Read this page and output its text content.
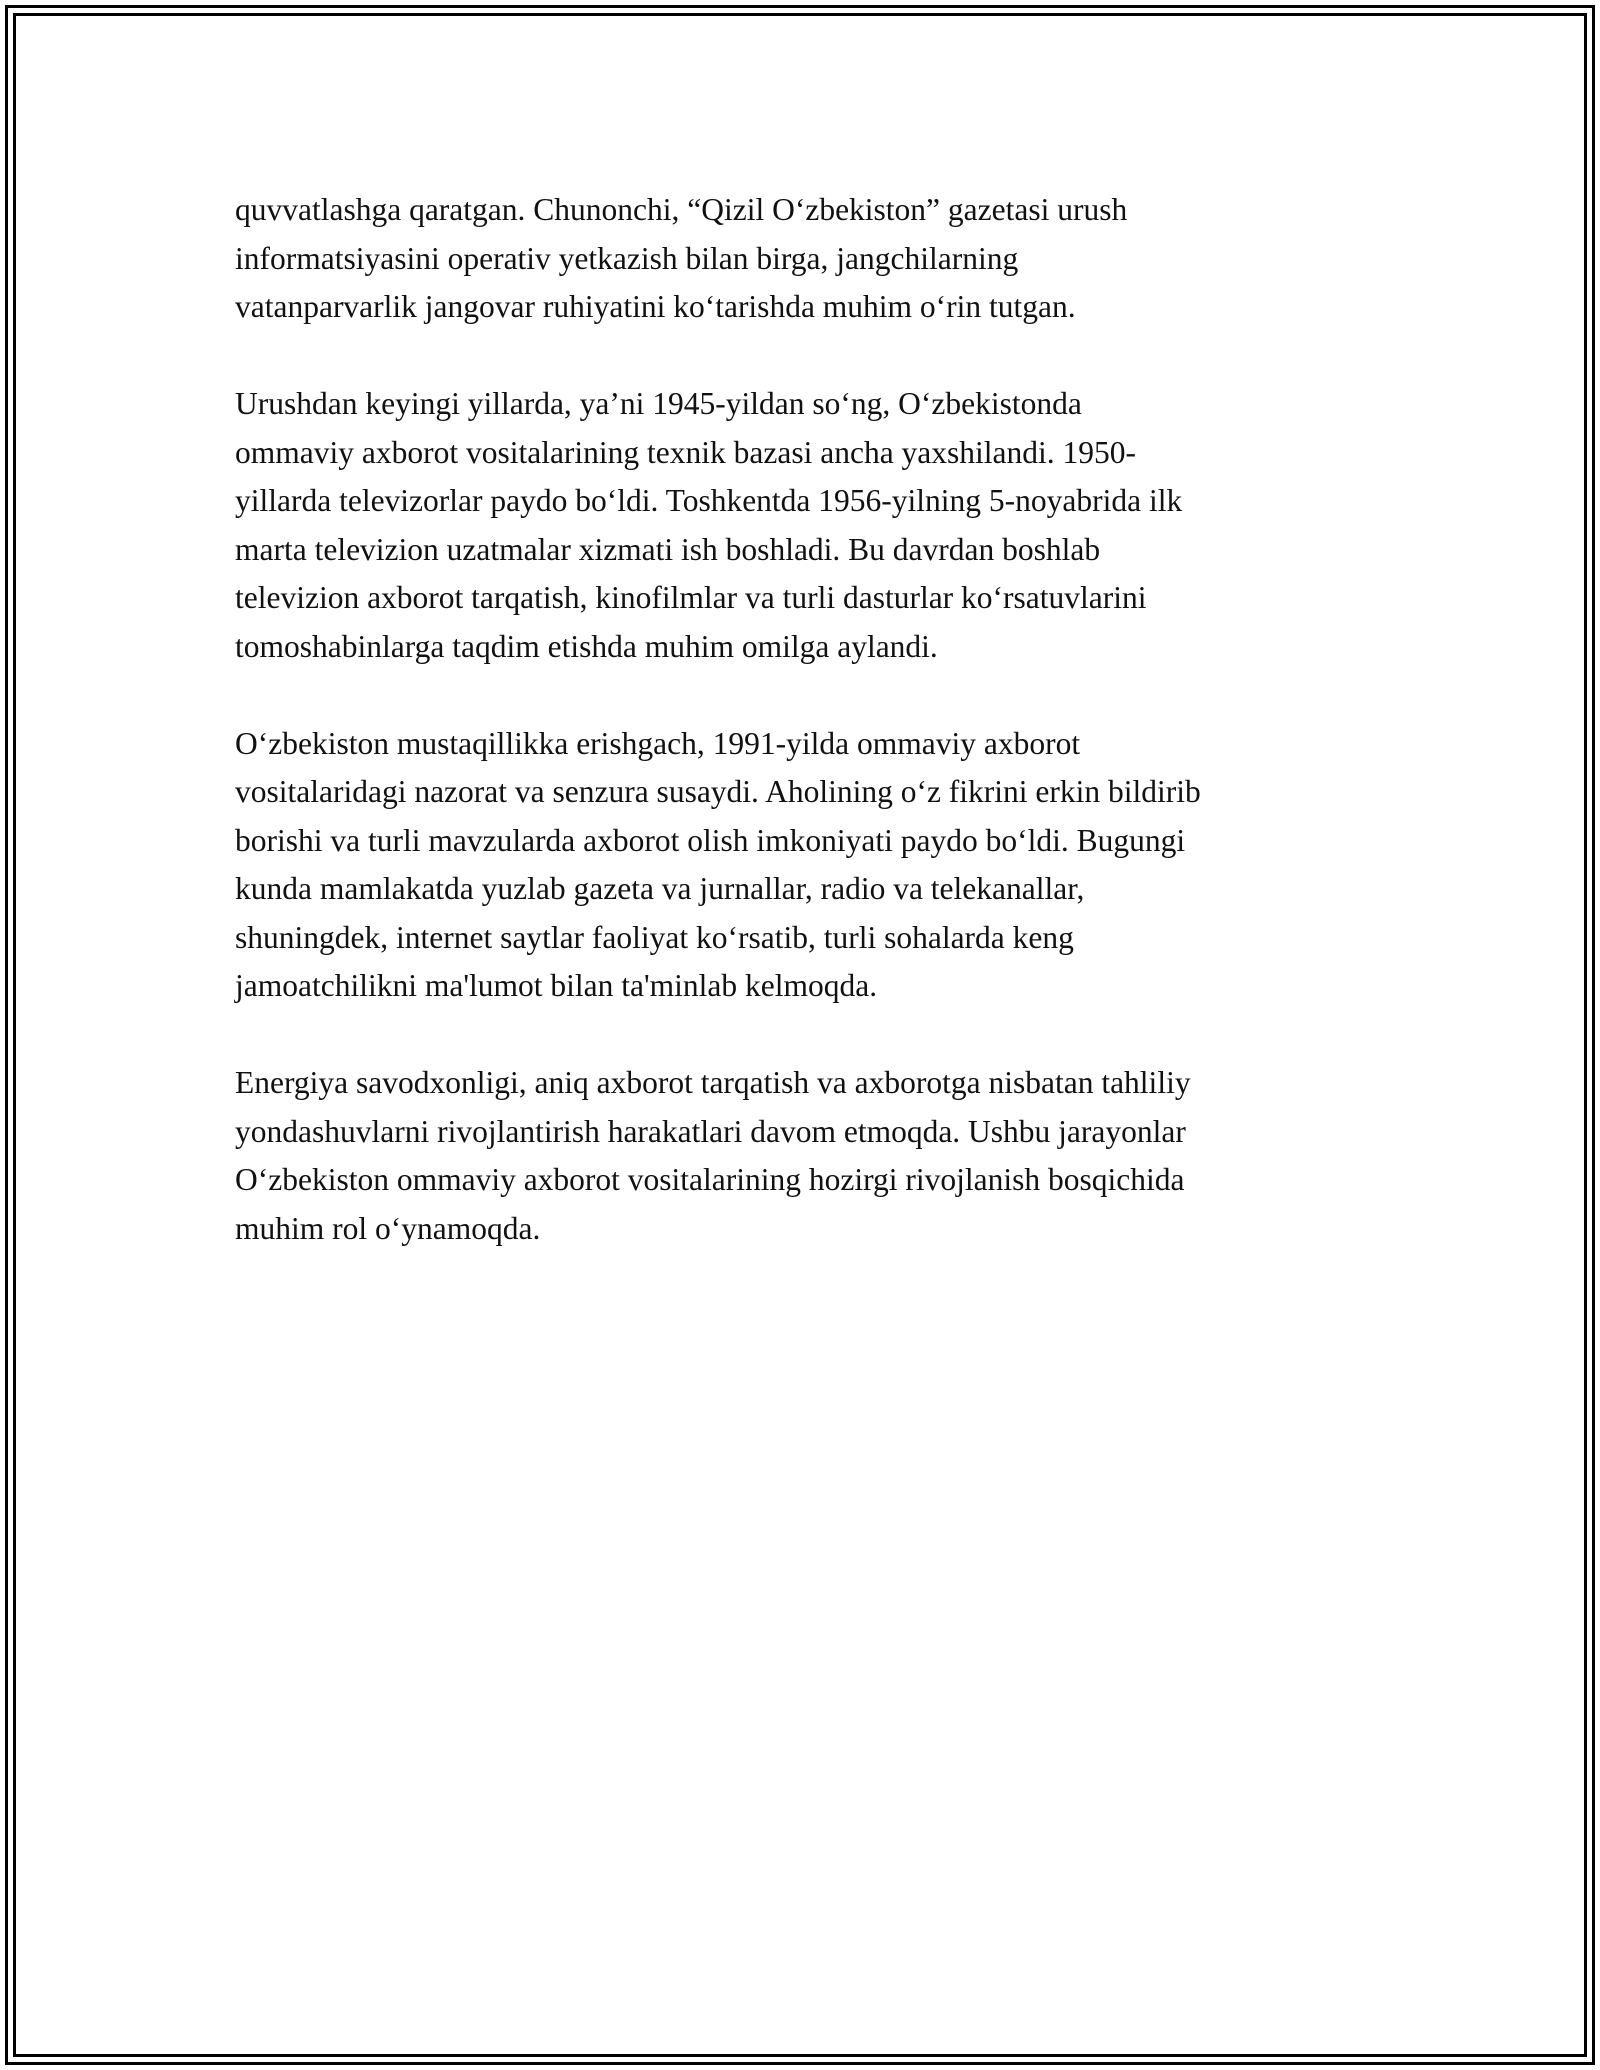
quvvatlashga qaratgan. Chunonchi, “Qizil O‘zbekiston” gazetasi urush
informatsiyasini operativ yetkazish bilan birga, jangchilarning
vatanparvarlik jangovar ruhiyatini ko‘tarishda muhim o‘rin tutgan.

Urushdan keyingi yillarda, ya’ni 1945-yildan so‘ng, O‘zbekistonda
ommaviy axborot vositalarining texnik bazasi ancha yaxshilandi. 1950-
yillarda televizorlar paydo bo‘ldi. Toshkentda 1956-yilning 5-noyabrida ilk
marta televizion uzatmalar xizmati ish boshladi. Bu davrdan boshlab
televizion axborot tarqatish, kinofilmlar va turli dasturlar ko‘rsatuvlarini
tomoshabinlarga taqdim etishda muhim omilga aylandi.

O‘zbekiston mustaqillikka erishgach, 1991-yilda ommaviy axborot
vositalaridagi nazorat va senzura susaydi. Aholining o‘z fikrini erkin bildirib
borishi va turli mavzularda axborot olish imkoniyati paydo bo‘ldi. Bugungi
kunda mamlakatda yuzlab gazeta va jurnallar, radio va telekanallar,
shuningdek, internet saytlar faoliyat ko‘rsatib, turli sohalarda keng
jamoatchilikni ma'lumot bilan ta'minlab kelmoqda.

Energiya savodxonligi, aniq axborot tarqatish va axborotga nisbatan tahliliy
yondashuvlarni rivojlantirish harakatlari davom etmoqda. Ushbu jarayonlar
O‘zbekiston ommaviy axborot vositalarining hozirgi rivojlanish bosqichida
muhim rol o‘ynamoqda.
